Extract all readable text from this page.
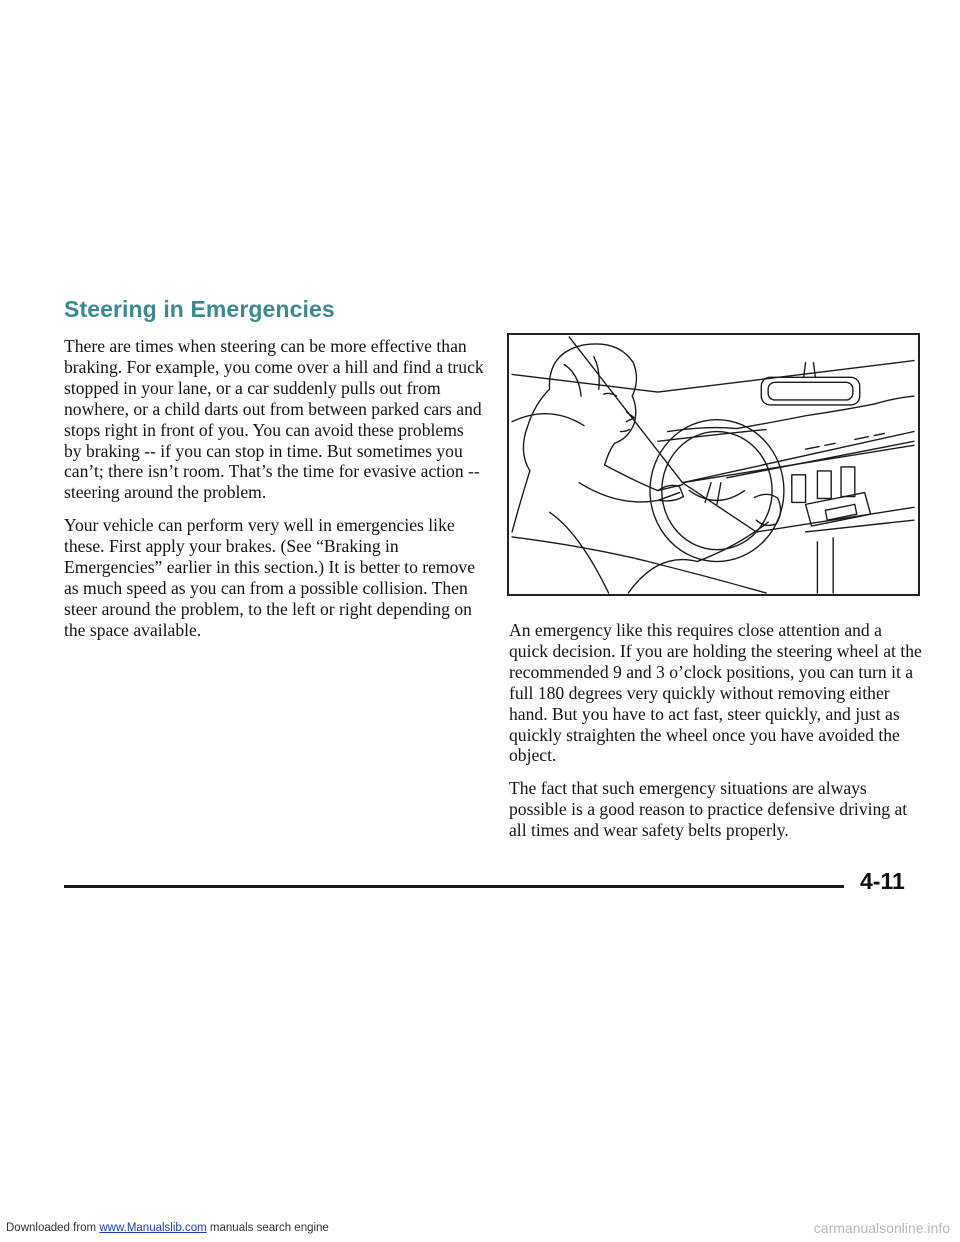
Steering in Emergencies

There are times when steering can be more effective than braking. For example, you come over a hill and find a truck stopped in your lane, or a car suddenly pulls out from nowhere, or a child darts out from between parked cars and stops right in front of you. You can avoid these problems by braking -- if you can stop in time. But sometimes you can’t; there isn’t room. That’s the time for evasive action -- steering around the problem.

Your vehicle can perform very well in emergencies like these. First apply your brakes. (See “Braking in Emergencies” earlier in this section.) It is better to remove as much speed as you can from a possible collision. Then steer around the problem, to the left or right depending on the space available.	An emergency like this requires close attention and a quick decision. If you are holding the steering wheel at the recommended 9 and 3 o’clock positions, you can turn it a full 180 degrees very quickly without removing either hand. But you have to act fast, steer quickly, and just as quickly straighten the wheel once you have avoided the object.

The fact that such emergency situations are always possible is a good reason to practice defensive driving at all times and wear safety belts properly.

4-11

Downloaded from www.Manualslib.com manuals search engine	carmanualsonline.info
